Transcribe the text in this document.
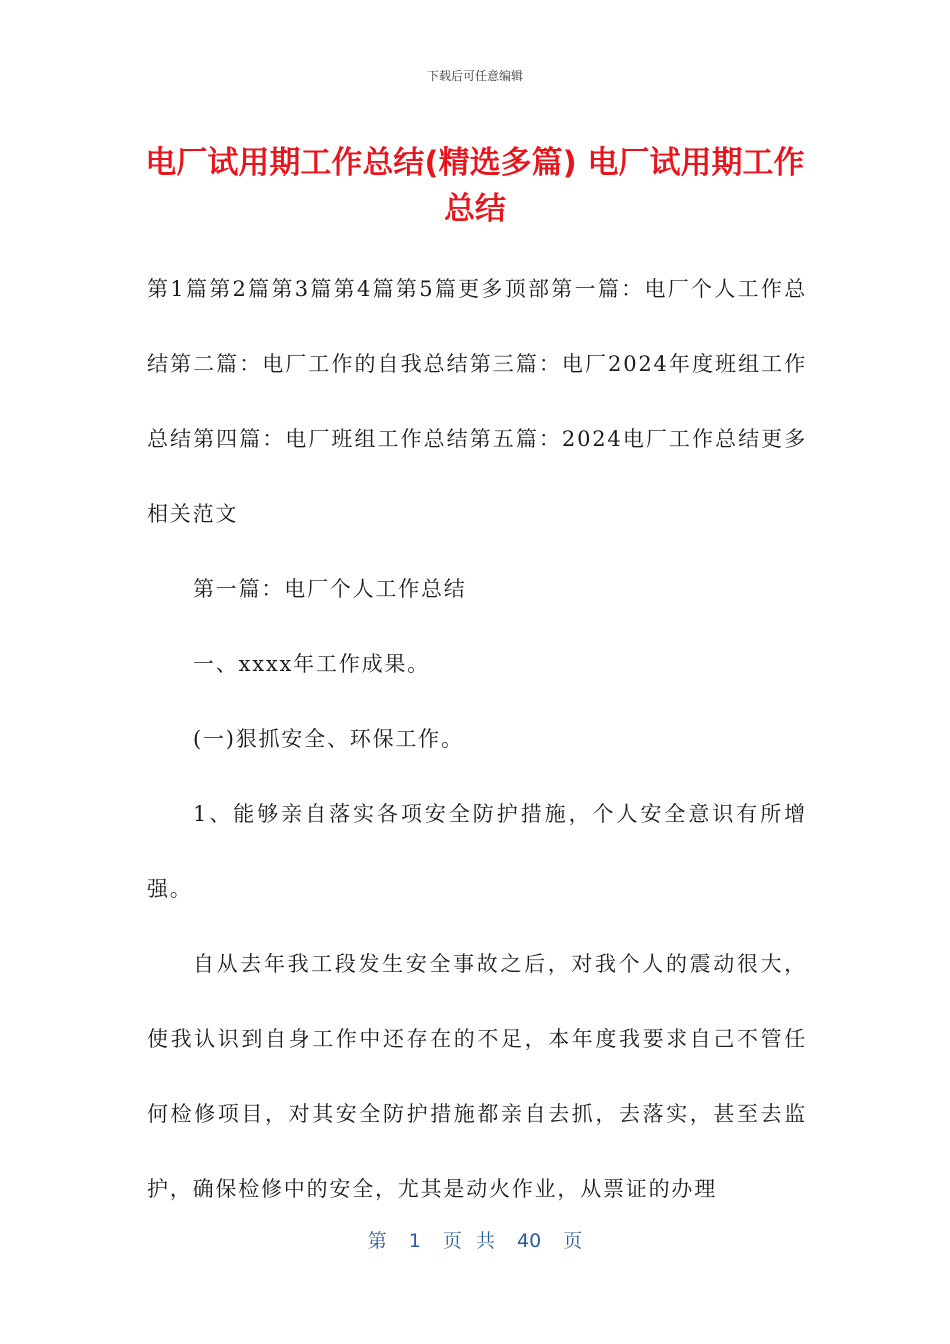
下载后可任意编辑
电厂试用期工作总结(精选多篇) 电厂试用期工作总结

第1篇第2篇第3篇第4篇第5篇更多顶部第一篇：电厂个人工作总结第二篇：电厂工作的自我总结第三篇：电厂2024年度班组工作总结第四篇：电厂班组工作总结第五篇：2024电厂工作总结更多相关范文

第一篇：电厂个人工作总结

一、xxxx年工作成果。

(一)狠抓安全、环保工作。

1、能够亲自落实各项安全防护措施，个人安全意识有所增强。

自从去年我工段发生安全事故之后，对我个人的震动很大，使我认识到自身工作中还存在的不足，本年度我要求自己不管任何检修项目，对其安全防护措施都亲自去抓，去落实，甚至去监护，确保检修中的安全，尤其是动火作业，从票证的办理

第 1 页 共 40 页
